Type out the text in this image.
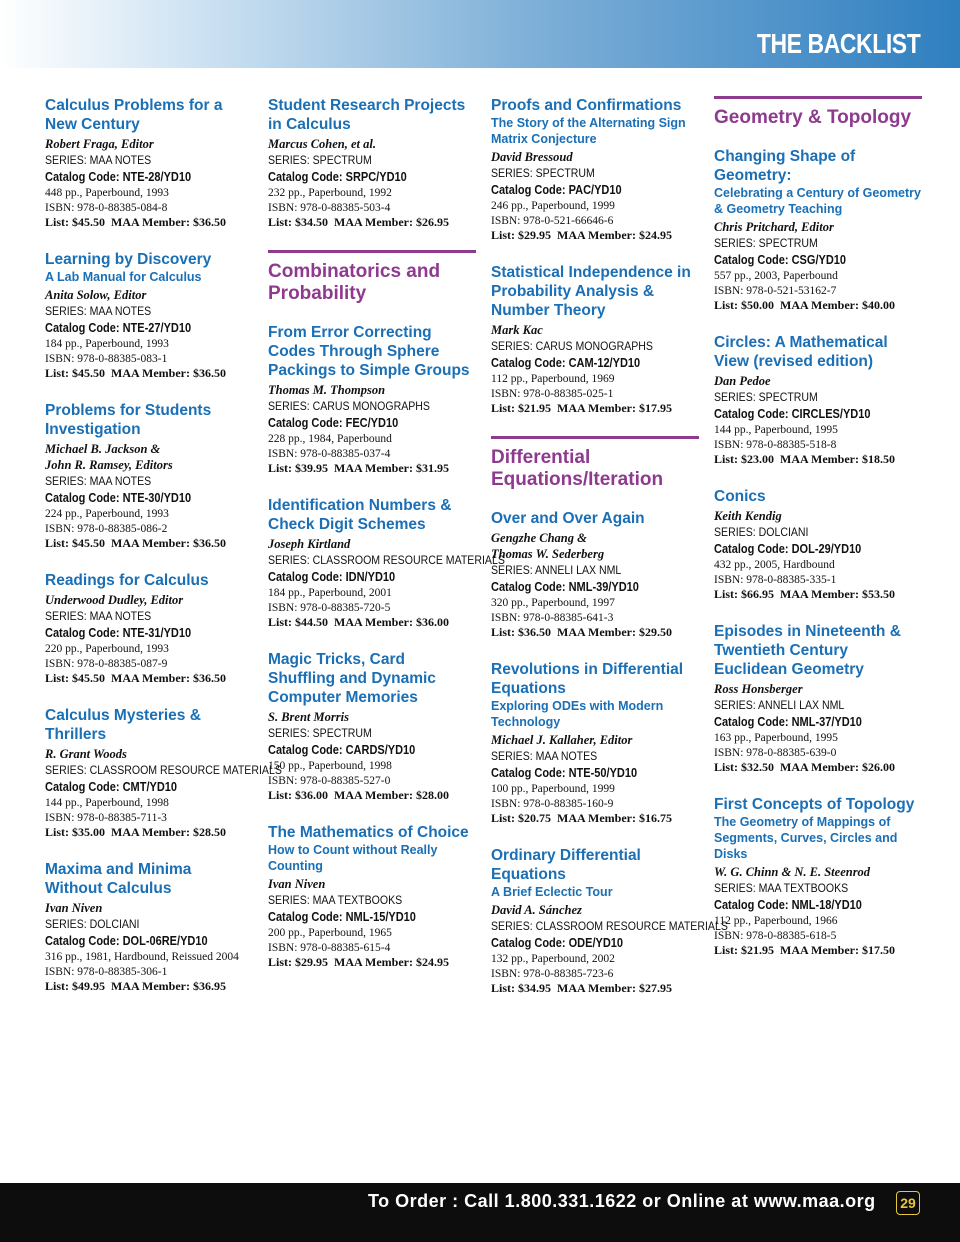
THE BACKLIST
Calculus Problems for a New Century
Robert Fraga, Editor
SERIES: MAA NOTES
Catalog Code: NTE-28/YD10
448 pp., Paperbound, 1993
ISBN: 978-0-88385-084-8
List: $45.50 MAA Member: $36.50
Learning by Discovery
A Lab Manual for Calculus
Anita Solow, Editor
SERIES: MAA NOTES
Catalog Code: NTE-27/YD10
184 pp., Paperbound, 1993
ISBN: 978-0-88385-083-1
List: $45.50 MAA Member: $36.50
Problems for Students Investigation
Michael B. Jackson &
John R. Ramsey, Editors
SERIES: MAA NOTES
Catalog Code: NTE-30/YD10
224 pp., Paperbound, 1993
ISBN: 978-0-88385-086-2
List: $45.50 MAA Member: $36.50
Readings for Calculus
Underwood Dudley, Editor
SERIES: MAA NOTES
Catalog Code: NTE-31/YD10
220 pp., Paperbound, 1993
ISBN: 978-0-88385-087-9
List: $45.50 MAA Member: $36.50
Calculus Mysteries & Thrillers
R. Grant Woods
SERIES: CLASSROOM RESOURCE MATERIALS
Catalog Code: CMT/YD10
144 pp., Paperbound, 1998
ISBN: 978-0-88385-711-3
List: $35.00 MAA Member: $28.50
Maxima and Minima Without Calculus
Ivan Niven
SERIES: DOLCIANI
Catalog Code: DOL-06RE/YD10
316 pp., 1981, Hardbound, Reissued 2004
ISBN: 978-0-88385-306-1
List: $49.95 MAA Member: $36.95
Student Research Projects in Calculus
Marcus Cohen, et al.
SERIES: SPECTRUM
Catalog Code: SRPC/YD10
232 pp., Paperbound, 1992
ISBN: 978-0-88385-503-4
List: $34.50 MAA Member: $26.95
Combinatorics and Probability
From Error Correcting Codes Through Sphere Packings to Simple Groups
Thomas M. Thompson
SERIES: CARUS MONOGRAPHS
Catalog Code: FEC/YD10
228 pp., 1984, Paperbound
ISBN: 978-0-88385-037-4
List: $39.95 MAA Member: $31.95
Identification Numbers & Check Digit Schemes
Joseph Kirtland
SERIES: CLASSROOM RESOURCE MATERIALS
Catalog Code: IDN/YD10
184 pp., Paperbound, 2001
ISBN: 978-0-88385-720-5
List: $44.50 MAA Member: $36.00
Magic Tricks, Card Shuffling and Dynamic Computer Memories
S. Brent Morris
SERIES: SPECTRUM
Catalog Code: CARDS/YD10
150 pp., Paperbound, 1998
ISBN: 978-0-88385-527-0
List: $36.00 MAA Member: $28.00
The Mathematics of Choice
How to Count without Really Counting
Ivan Niven
SERIES: MAA TEXTBOOKS
Catalog Code: NML-15/YD10
200 pp., Paperbound, 1965
ISBN: 978-0-88385-615-4
List: $29.95 MAA Member: $24.95
Proofs and Confirmations
The Story of the Alternating Sign Matrix Conjecture
David Bressoud
SERIES: SPECTRUM
Catalog Code: PAC/YD10
246 pp., Paperbound, 1999
ISBN: 978-0-521-66646-6
List: $29.95 MAA Member: $24.95
Statistical Independence in Probability Analysis & Number Theory
Mark Kac
SERIES: CARUS MONOGRAPHS
Catalog Code: CAM-12/YD10
112 pp., Paperbound, 1969
ISBN: 978-0-88385-025-1
List: $21.95 MAA Member: $17.95
Differential Equations/Iteration
Over and Over Again
Gengzhe Chang &
Thomas W. Sederberg
SERIES: ANNELI LAX NML
Catalog Code: NML-39/YD10
320 pp., Paperbound, 1997
ISBN: 978-0-88385-641-3
List: $36.50 MAA Member: $29.50
Revolutions in Differential Equations
Exploring ODEs with Modern Technology
Michael J. Kallaher, Editor
SERIES: MAA NOTES
Catalog Code: NTE-50/YD10
100 pp., Paperbound, 1999
ISBN: 978-0-88385-160-9
List: $20.75 MAA Member: $16.75
Ordinary Differential Equations
A Brief Eclectic Tour
David A. Sánchez
SERIES: CLASSROOM RESOURCE MATERIALS
Catalog Code: ODE/YD10
132 pp., Paperbound, 2002
ISBN: 978-0-88385-723-6
List: $34.95 MAA Member: $27.95
Geometry & Topology
Changing Shape of Geometry:
Celebrating a Century of Geometry & Geometry Teaching
Chris Pritchard, Editor
SERIES: SPECTRUM
Catalog Code: CSG/YD10
557 pp., 2003, Paperbound
ISBN: 978-0-521-53162-7
List: $50.00 MAA Member: $40.00
Circles: A Mathematical View (revised edition)
Dan Pedoe
SERIES: SPECTRUM
Catalog Code: CIRCLES/YD10
144 pp., Paperbound, 1995
ISBN: 978-0-88385-518-8
List: $23.00 MAA Member: $18.50
Conics
Keith Kendig
SERIES: DOLCIANI
Catalog Code: DOL-29/YD10
432 pp., 2005, Hardbound
ISBN: 978-0-88385-335-1
List: $66.95 MAA Member: $53.50
Episodes in Nineteenth & Twentieth Century Euclidean Geometry
Ross Honsberger
SERIES: ANNELI LAX NML
Catalog Code: NML-37/YD10
163 pp., Paperbound, 1995
ISBN: 978-0-88385-639-0
List: $32.50 MAA Member: $26.00
First Concepts of Topology
The Geometry of Mappings of Segments, Curves, Circles and Disks
W. G. Chinn & N. E. Steenrod
SERIES: MAA TEXTBOOKS
Catalog Code: NML-18/YD10
112 pp., Paperbound, 1966
ISBN: 978-0-88385-618-5
List: $21.95 MAA Member: $17.50
To Order : Call 1.800.331.1622 or Online at www.maa.org	29
